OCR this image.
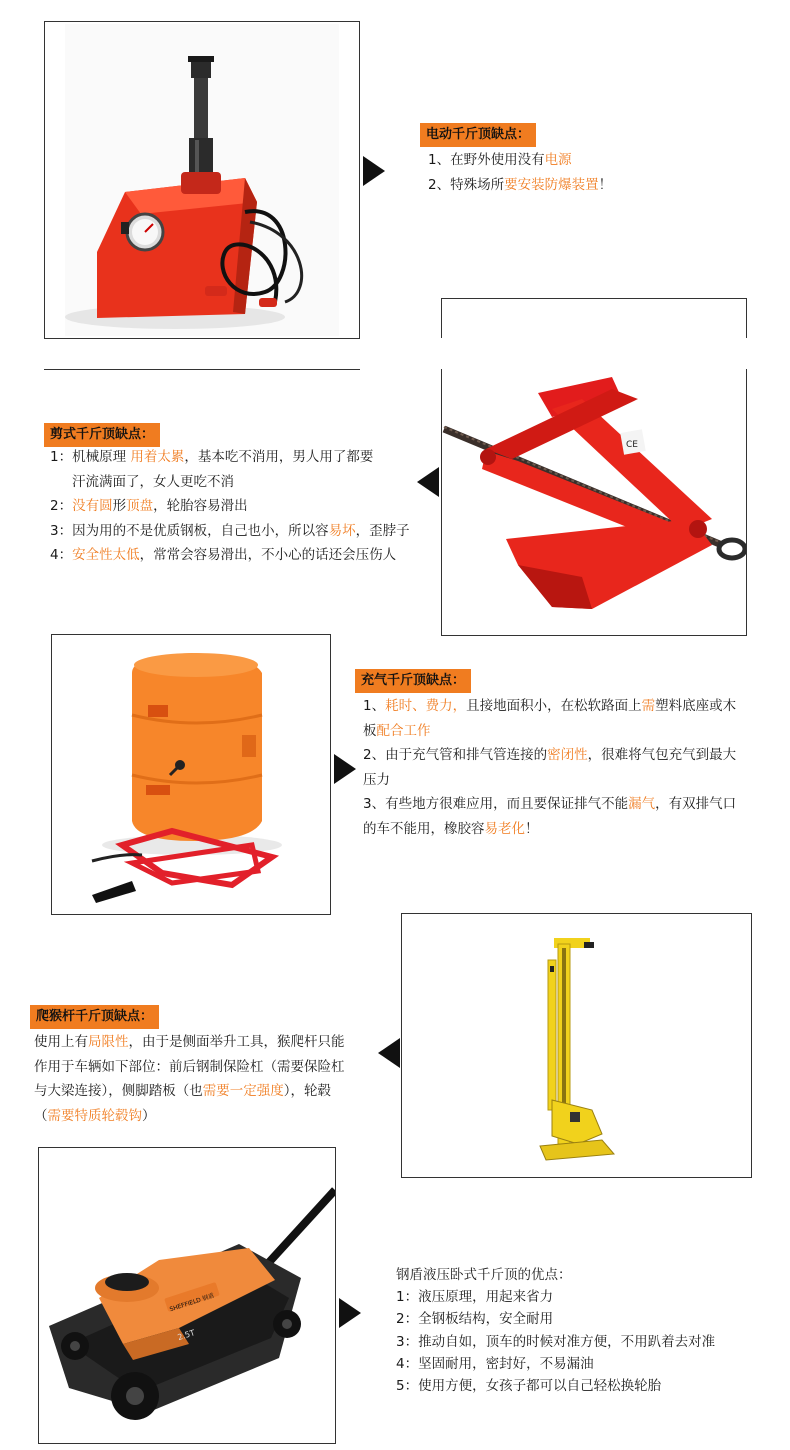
电动千斤顶缺点：

1、在野外使用没有电源

2、特殊场所要安装防爆装置！

CE
剪式千斤顶缺点：

1：机械原理 用着太累，基本吃不消用，男人用了都要

汗流满面了，女人更吃不消

2：没有圆形顶盘，轮胎容易滑出

3：因为用的不是优质钢板，自己也小，所以容易坏，歪脖子

4：安全性太低，常常会容易滑出，不小心的话还会压伤人

充气千斤顶缺点：

1、耗时、费力，且接地面积小，在松软路面上需塑料底座或木

板配合工作

2、由于充气管和排气管连接的密闭性，很难将气包充气到最大

压力

3、有些地方很难应用，而且要保证排气不能漏气，有双排气口

的车不能用，橡胶容易老化！

爬猴杆千斤顶缺点：

使用上有局限性，由于是侧面举升工具，猴爬杆只能

作用于车辆如下部位：前后钢制保险杠（需要保险杠

与大梁连接），侧脚踏板（也需要一定强度），轮毂

（需要特质轮毂钩）

SHEFFIELD 钢盾
2.5T

钢盾液压卧式千斤顶的优点：

1：液压原理，用起来省力

2：全钢板结构，安全耐用

3：推动自如，顶车的时候对准方便，不用趴着去对准

4：坚固耐用，密封好，不易漏油

5：使用方便，女孩子都可以自己轻松换轮胎
